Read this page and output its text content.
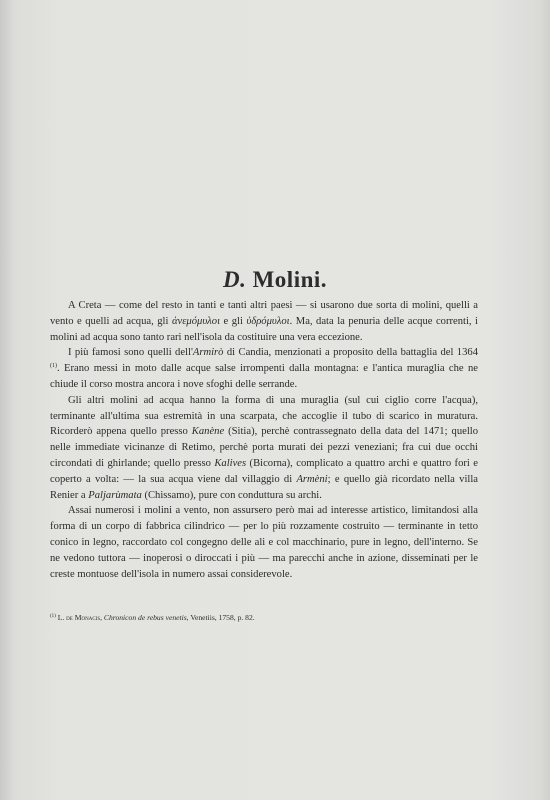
D. Molini.

A Creta — come del resto in tanti e tanti altri paesi — si usarono due sorta di molini, quelli a vento e quelli ad acqua, gli ἀνεμόμυλοι e gli ὑδρόμυλοι. Ma, data la penuria delle acque correnti, i molini ad acqua sono tanto rari nell'isola da costituire una vera eccezione.

I più famosi sono quelli dell'Armirò di Candia, menzionati a proposito della battaglia del 1364 $^{(1)}$. Erano messi in moto dalle acque salse irrompenti dalla montagna: e l'antica muraglia che ne chiude il corso mostra ancora i nove sfoghi delle serrande.

Gli altri molini ad acqua hanno la forma di una muraglia (sul cui ciglio corre l'acqua), terminante all'ultima sua estremità in una scarpata, che accoglie il tubo di scarico in muratura. Ricorderò appena quello presso Kanène (Sitia), perchè contrassegnato della data del 1471; quello nelle immediate vicinanze di Retimo, perchè porta murati dei pezzi veneziani; fra cui due occhi circondati di ghirlande; quello presso Kalives (Bicorna), complicato a quattro archi e quattro fori e coperto a volta: — la sua acqua viene dal villaggio di Armèni; e quello già ricordato nella villa Renier a Paljarùmata (Chissamo), pure con conduttura su archi.

Assai numerosi i molini a vento, non assursero però mai ad interesse artistico, limitandosi alla forma di un corpo di fabbrica cilindrico — per lo più rozzamente costruito — terminante in tetto conico in legno, raccordato col congegno delle ali e col macchinario, pure in legno, dell'interno. Se ne vedono tuttora — inoperosi o diroccati i più — ma parecchi anche in azione, disseminati per le creste montuose dell'isola in numero assai considerevole.

$^{(1)}$ L. de Monacis, Chronicon de rebus venetis, Venetiis, 1758, p. 82.
